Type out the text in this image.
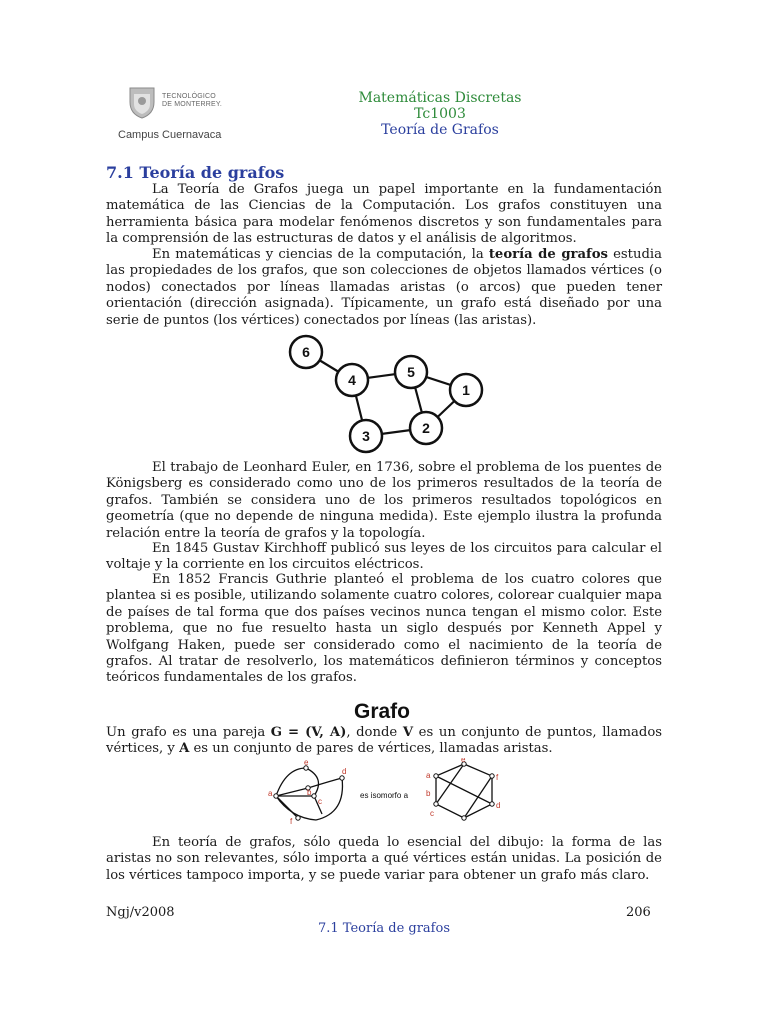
TECNOLÓGICO
DE MONTERREY.
Campus Cuernavaca
Matemáticas Discretas
Tc1003
Teoría de Grafos
7.1 Teoría de grafos
La Teoría de Grafos juega un papel importante en la fundamentación matemática de las Ciencias de la Computación. Los grafos constituyen una herramienta básica para modelar fenómenos discretos y son fundamentales para la comprensión de las estructuras de datos y el análisis de algoritmos.
En matemáticas y ciencias de la computación, la teoría de grafos estudia las propiedades de los grafos, que son colecciones de objetos llamados vértices (o nodos) conectados por líneas llamadas aristas (o arcos) que pueden tener orientación (dirección asignada). Típicamente, un grafo está diseñado por una serie de puntos (los vértices) conectados por líneas (las aristas).
6
4	5
1
3	2
El trabajo de Leonhard Euler, en 1736, sobre el problema de los puentes de Königsberg es considerado como uno de los primeros resultados de la teoría de grafos. También se considera uno de los primeros resultados topológicos en geometría (que no depende de ninguna medida). Este ejemplo ilustra la profunda relación entre la teoría de grafos y la topología.
En 1845 Gustav Kirchhoff publicó sus leyes de los circuitos para calcular el voltaje y la corriente en los circuitos eléctricos.
En 1852 Francis Guthrie planteó el problema de los cuatro colores que plantea si es posible, utilizando solamente cuatro colores, colorear cualquier mapa de países de tal forma que dos países vecinos nunca tengan el mismo color. Este problema, que no fue resuelto hasta un siglo después por Kenneth Appel y Wolfgang Haken, puede ser considerado como el nacimiento de la teoría de grafos. Al tratar de resolverlo, los matemáticos definieron términos y conceptos teóricos fundamentales de los grafos.
Grafo
Un grafo es una pareja G = (V, A), donde V es un conjunto de puntos, llamados vértices, y A es un conjunto de pares de vértices, llamadas aristas.
e
d
a	b
c
f
es isomorfo a
e
a	f
b
c
d
En teoría de grafos, sólo queda lo esencial del dibujo: la forma de las aristas no son relevantes, sólo importa a qué vértices están unidas. La posición de los vértices tampoco importa, y se puede variar para obtener un grafo más claro.
Ngj/v2008	206
7.1 Teoría de grafos
